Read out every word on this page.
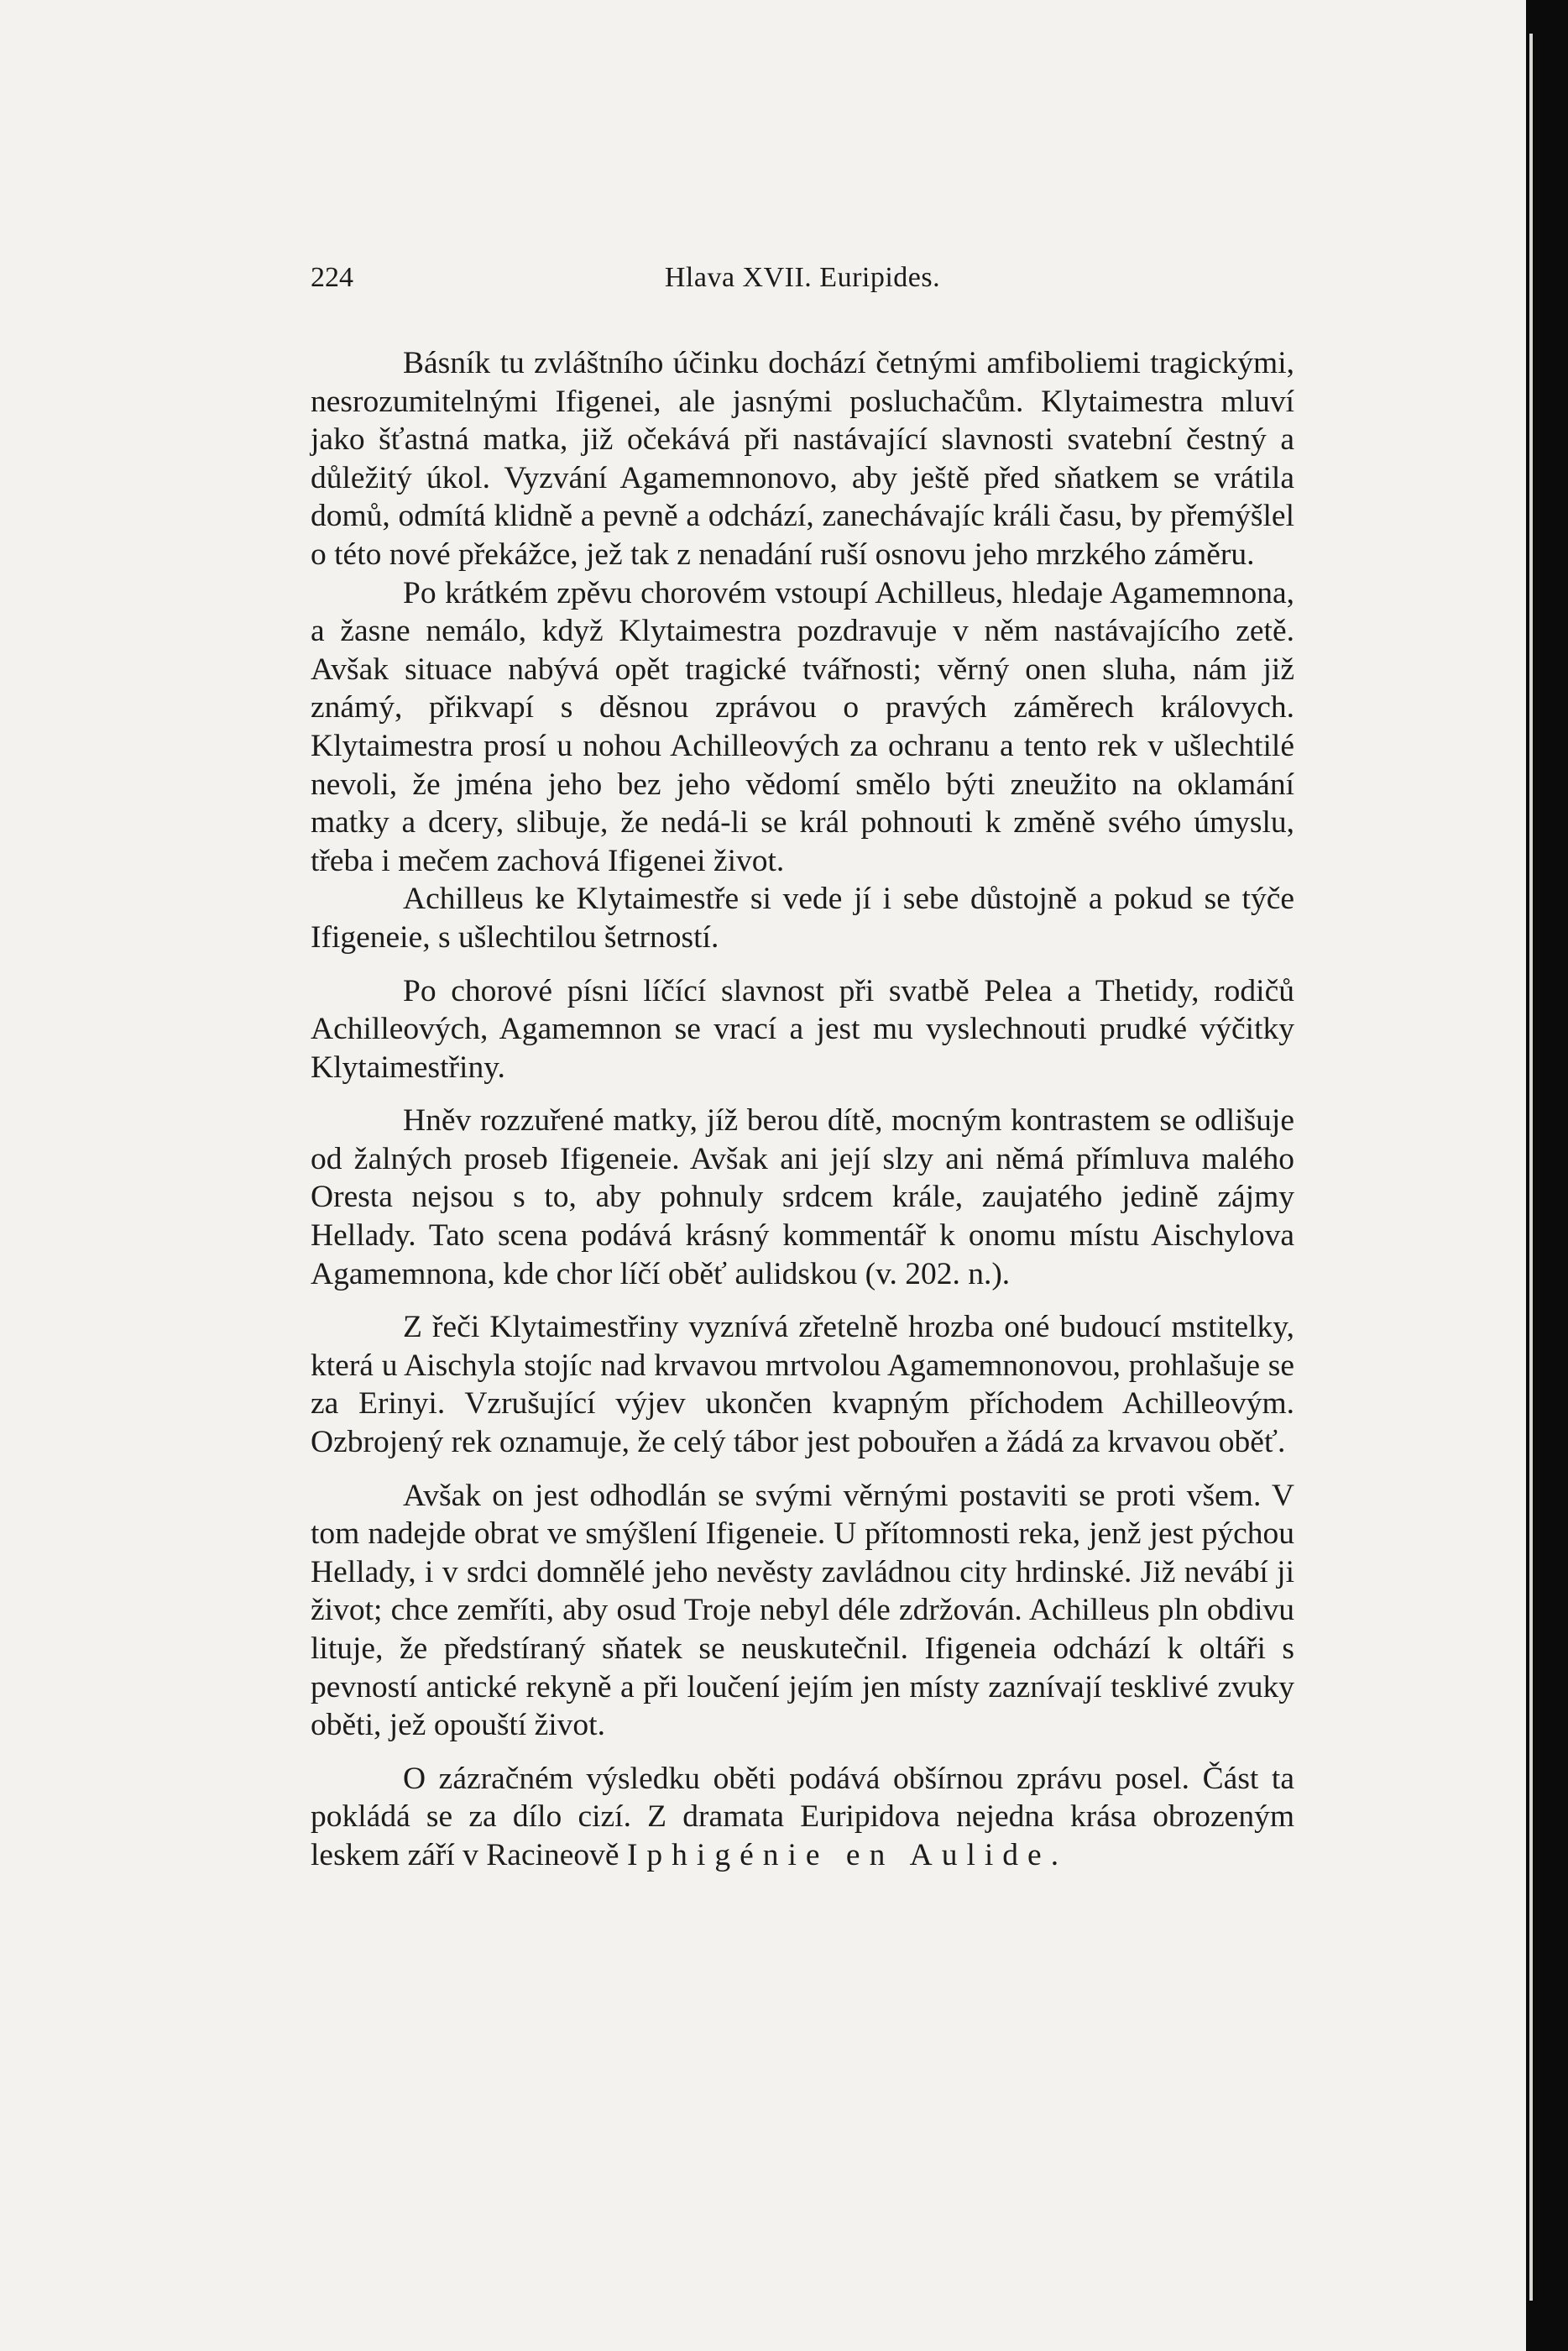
224	Hlava XVII. Euripides.

Básník tu zvláštního účinku dochází četnými amfiboliemi tragickými, nesrozumitelnými Ifigenei, ale jasnými posluchačům. Klytaimestra mluví jako šťastná matka, již očekává při nastávající slavnosti svatební čestný a důležitý úkol. Vyzvání Agamemnonovo, aby ještě před sňatkem se vrátila domů, odmítá klidně a pevně a odchází, zanechávajíc králi času, by přemýšlel o této nové překážce, jež tak z nenadání ruší osnovu jeho mrzkého záměru.

Po krátkém zpěvu chorovém vstoupí Achilleus, hledaje Agamemnona, a žasne nemálo, když Klytaimestra pozdravuje v něm nastávajícího zetě. Avšak situace nabývá opět tragické tvářnosti; věrný onen sluha, nám již známý, přikvapí s děsnou zprávou o pravých záměrech královych. Klytaimestra prosí u nohou Achilleových za ochranu a tento rek v ušlechtilé nevoli, že jména jeho bez jeho vědomí smělo býti zneužito na oklamání matky a dcery, slibuje, že nedá-li se král pohnouti k změně svého úmyslu, třeba i mečem zachová Ifigenei život.

Achilleus ke Klytaimestře si vede jí i sebe důstojně a pokud se týče Ifigeneie, s ušlechtilou šetrností.

Po chorové písni líčící slavnost při svatbě Pelea a Thetidy, rodičů Achilleových, Agamemnon se vrací a jest mu vyslechnouti prudké výčitky Klytaimestřiny.

Hněv rozzuřené matky, jíž berou dítě, mocným kontrastem se odlišuje od žalných proseb Ifigeneie. Avšak ani její slzy ani němá přímluva malého Oresta nejsou s to, aby pohnuly srdcem krále, zaujatého jedině zájmy Hellady. Tato scena podává krásný kommentář k onomu místu Aischylova Agamemnona, kde chor líčí oběť aulidskou (v. 202. n.).

Z řeči Klytaimestřiny vyznívá zřetelně hrozba oné budoucí mstitelky, která u Aischyla stojíc nad krvavou mrtvolou Agamemnonovou, prohlašuje se za Erinyi. Vzrušující výjev ukončen kvapným příchodem Achilleovým. Ozbrojený rek oznamuje, že celý tábor jest pobouřen a žádá za krvavou oběť.

Avšak on jest odhodlán se svými věrnými postaviti se proti všem. V tom nadejde obrat ve smýšlení Ifigeneie. U přítomnosti reka, jenž jest pýchou Hellady, i v srdci domnělé jeho nevěsty zavládnou city hrdinské. Již nevábí ji život; chce zemříti, aby osud Troje nebyl déle zdržován. Achilleus pln obdivu lituje, že předstíraný sňatek se neuskutečnil. Ifigeneia odchází k oltáři s pevností antické rekyně a při loučení jejím jen místy zaznívají tesklivé zvuky oběti, jež opouští život.

O zázračném výsledku oběti podává obšírnou zprávu posel. Část ta pokládá se za dílo cizí. Z dramata Euripidova nejedna krása obrozeným leskem září v Racineově Iphigénie en Aulide.
